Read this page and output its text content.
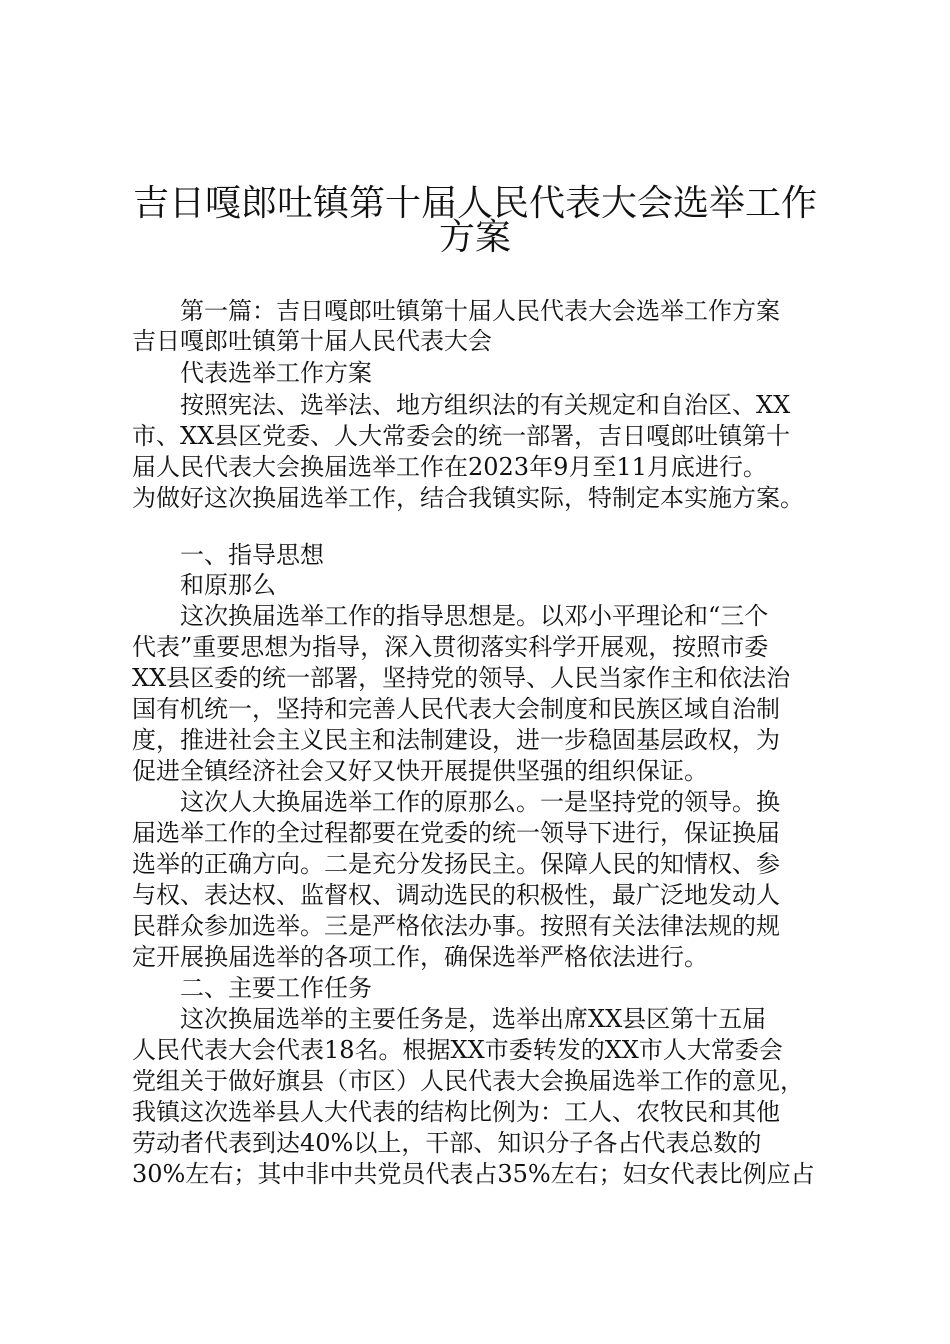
吉日嘎郎吐镇第十届人民代表大会选举工作
方案

第一篇：吉日嘎郎吐镇第十届人民代表大会选举工作方案

吉日嘎郎吐镇第十届人民代表大会

代表选举工作方案

按照宪法、选举法、地方组织法的有关规定和自治区、XX

市、XX县区党委、人大常委会的统一部署，吉日嘎郎吐镇第十

届人民代表大会换届选举工作在2023年9月至11月底进行。

为做好这次换届选举工作，结合我镇实际，特制定本实施方案。

一、指导思想

和原那么

这次换届选举工作的指导思想是。以邓小平理论和“三个

代表”重要思想为指导，深入贯彻落实科学开展观，按照市委

XX县区委的统一部署，坚持党的领导、人民当家作主和依法治

国有机统一，坚持和完善人民代表大会制度和民族区域自治制

度，推进社会主义民主和法制建设，进一步稳固基层政权，为

促进全镇经济社会又好又快开展提供坚强的组织保证。

这次人大换届选举工作的原那么。一是坚持党的领导。换

届选举工作的全过程都要在党委的统一领导下进行，保证换届

选举的正确方向。二是充分发扬民主。保障人民的知情权、参

与权、表达权、监督权、调动选民的积极性，最广泛地发动人

民群众参加选举。三是严格依法办事。按照有关法律法规的规

定开展换届选举的各项工作，确保选举严格依法进行。

二、主要工作任务

这次换届选举的主要任务是，选举出席XX县区第十五届

人民代表大会代表18名。根据XX市委转发的XX市人大常委会

党组关于做好旗县（市区）人民代表大会换届选举工作的意见，

我镇这次选举县人大代表的结构比例为：工人、农牧民和其他

劳动者代表到达40%以上，干部、知识分子各占代表总数的

30%左右；其中非中共党员代表占35%左右；妇女代表比例应占
